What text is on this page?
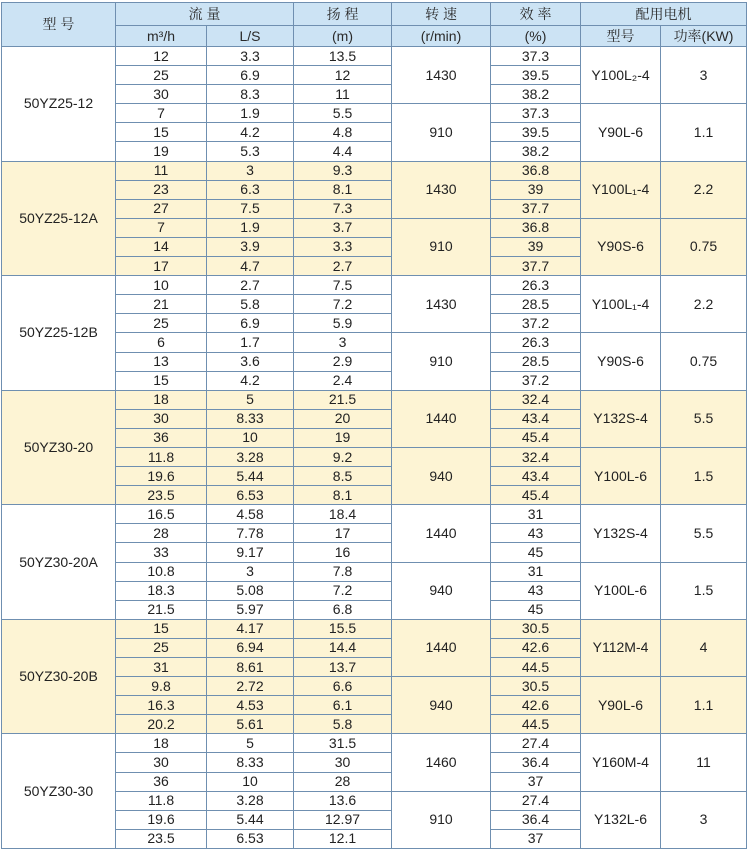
型 号	流 量		扬 程	转 速	效 率	配用电机	
	m³/h	L/S	(m)	(r/min)	(%)	型号	功率(KW)
50YZ25-12	12	3.3	13.5	1430	37.3	Y100L₂-4	3
	25	6.9	12		39.5		
	30	8.3	11		38.2		
	7	1.9	5.5	910	37.3	Y90L-6	1.1
	15	4.2	4.8		39.5		
	19	5.3	4.4		38.2		
50YZ25-12A	11	3	9.3	1430	36.8	Y100L₁-4	2.2
	23	6.3	8.1		39		
	27	7.5	7.3		37.7		
	7	1.9	3.7	910	36.8	Y90S-6	0.75
	14	3.9	3.3		39		
	17	4.7	2.7		37.7		
50YZ25-12B	10	2.7	7.5	1430	26.3	Y100L₁-4	2.2
	21	5.8	7.2		28.5		
	25	6.9	5.9		37.2		
	6	1.7	3	910	26.3	Y90S-6	0.75
	13	3.6	2.9		28.5		
	15	4.2	2.4		37.2		
50YZ30-20	18	5	21.5	1440	32.4	Y132S-4	5.5
	30	8.33	20		43.4		
	36	10	19		45.4		
	11.8	3.28	9.2	940	32.4	Y100L-6	1.5
	19.6	5.44	8.5		43.4		
	23.5	6.53	8.1		45.4		
50YZ30-20A	16.5	4.58	18.4	1440	31	Y132S-4	5.5
	28	7.78	17		43		
	33	9.17	16		45		
	10.8	3	7.8	940	31	Y100L-6	1.5
	18.3	5.08	7.2		43		
	21.5	5.97	6.8		45		
50YZ30-20B	15	4.17	15.5	1440	30.5	Y112M-4	4
	25	6.94	14.4		42.6		
	31	8.61	13.7		44.5		
	9.8	2.72	6.6	940	30.5	Y90L-6	1.1
	16.3	4.53	6.1		42.6		
	20.2	5.61	5.8		44.5		
50YZ30-30	18	5	31.5	1460	27.4	Y160M-4	11
	30	8.33	30		36.4		
	36	10	28		37		
	11.8	3.28	13.6	910	27.4	Y132L-6	3
	19.6	5.44	12.97		36.4		
	23.5	6.53	12.1		37		
